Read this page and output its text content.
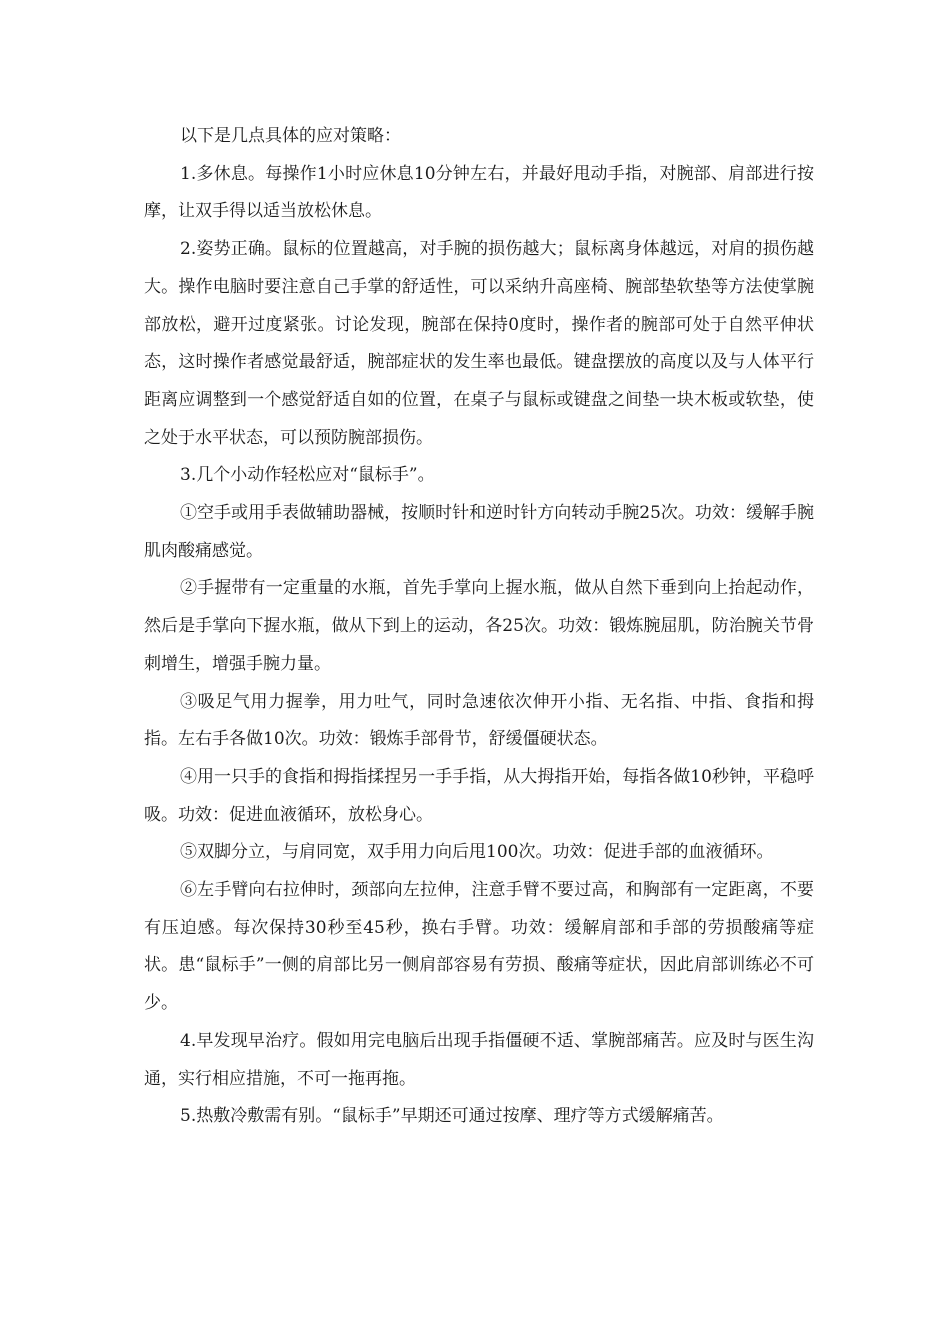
以下是几点具体的应对策略：

1.多休息。每操作1小时应休息10分钟左右，并最好甩动手指，对腕部、肩部进行按摩，让双手得以适当放松休息。

2.姿势正确。鼠标的位置越高，对手腕的损伤越大；鼠标离身体越远，对肩的损伤越大。操作电脑时要注意自己手掌的舒适性，可以采纳升高座椅、腕部垫软垫等方法使掌腕部放松，避开过度紧张。讨论发现，腕部在保持0度时，操作者的腕部可处于自然平伸状态，这时操作者感觉最舒适，腕部症状的发生率也最低。键盘摆放的高度以及与人体平行距离应调整到一个感觉舒适自如的位置，在桌子与鼠标或键盘之间垫一块木板或软垫，使之处于水平状态，可以预防腕部损伤。

3.几个小动作轻松应对“鼠标手”。

①空手或用手表做辅助器械，按顺时针和逆时针方向转动手腕25次。功效：缓解手腕肌肉酸痛感觉。

②手握带有一定重量的水瓶，首先手掌向上握水瓶，做从自然下垂到向上抬起动作，然后是手掌向下握水瓶，做从下到上的运动，各25次。功效：锻炼腕屈肌，防治腕关节骨刺增生，增强手腕力量。

③吸足气用力握拳，用力吐气，同时急速依次伸开小指、无名指、中指、食指和拇指。左右手各做10次。功效：锻炼手部骨节，舒缓僵硬状态。

④用一只手的食指和拇指揉捏另一手手指，从大拇指开始，每指各做10秒钟，平稳呼吸。功效：促进血液循环，放松身心。

⑤双脚分立，与肩同宽，双手用力向后甩100次。功效：促进手部的血液循环。

⑥左手臂向右拉伸时，颈部向左拉伸，注意手臂不要过高，和胸部有一定距离，不要有压迫感。每次保持30秒至45秒，换右手臂。功效：缓解肩部和手部的劳损酸痛等症状。患“鼠标手”一侧的肩部比另一侧肩部容易有劳损、酸痛等症状，因此肩部训练必不可少。

4.早发现早治疗。假如用完电脑后出现手指僵硬不适、掌腕部痛苦。应及时与医生沟通，实行相应措施，不可一拖再拖。

5.热敷冷敷需有别。“鼠标手”早期还可通过按摩、理疗等方式缓解痛苦。
